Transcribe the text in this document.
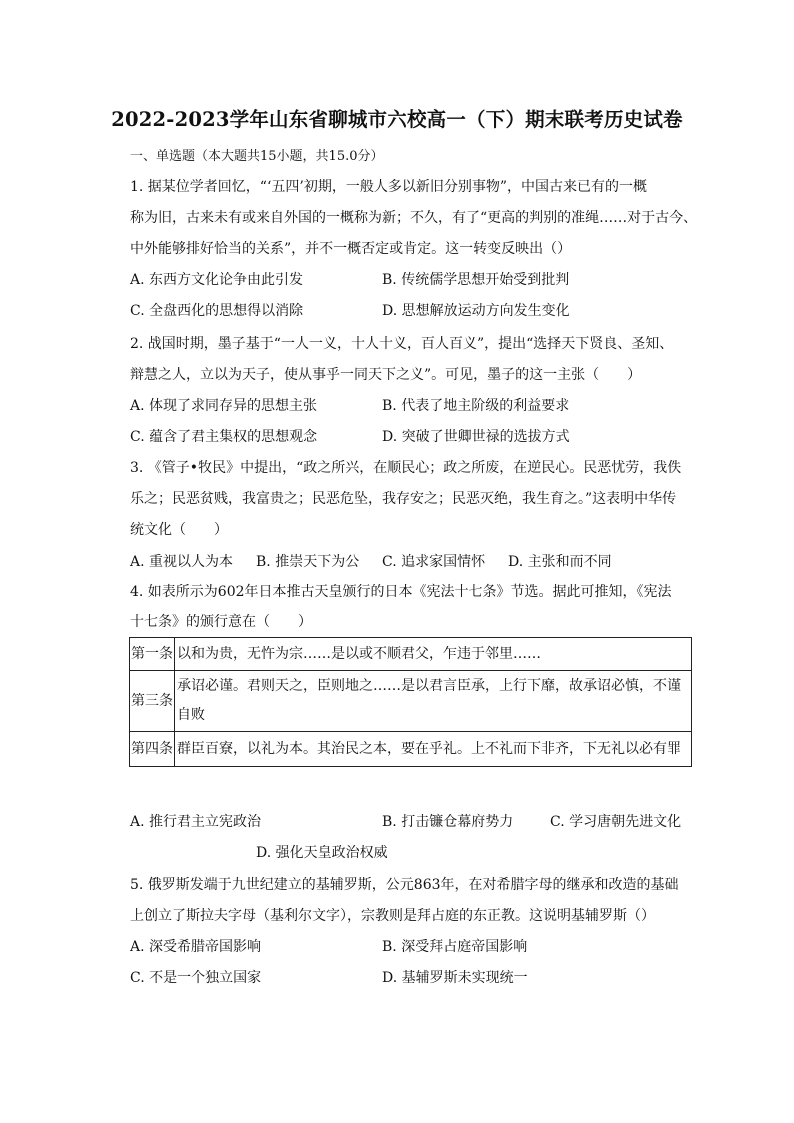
2022-2023学年山东省聊城市六校高一（下）期末联考历史试卷
一、单选题（本大题共15小题，共15.0分）
1. 据某位学者回忆，“‘五四’初期，一般人多以新旧分别事物”，中国古来已有的一概
称为旧，古来未有或来自外国的一概称为新；不久，有了“更高的判别的准绳……对于古今、
中外能够排好恰当的关系”，并不一概否定或肯定。这一转变反映出（）
A. 东西方文化论争由此引发	B. 传统儒学思想开始受到批判
C. 全盘西化的思想得以消除	D. 思想解放运动方向发生变化
2. 战国时期，墨子基于“一人一义，十人十义，百人百义”，提出“选择天下贤良、圣知、
辩慧之人，立以为天子，使从事乎一同天下之义”。可见，墨子的这一主张（　　）
A. 体现了求同存异的思想主张	B. 代表了地主阶级的利益要求
C. 蕴含了君主集权的思想观念	D. 突破了世卿世禄的选拔方式
3. 《管子•牧民》中提出，“政之所兴，在顺民心；政之所废，在逆民心。民恶忧劳，我佚
乐之；民恶贫贱，我富贵之；民恶危坠，我存安之；民恶灭绝，我生育之。”这表明中华传
统文化（　　）
A. 重视以人为本 B. 推崇天下为公 C. 追求家国情怀 D. 主张和而不同
4. 如表所示为602年日本推古天皇颁行的日本《宪法十七条》节选。据此可推知，《宪法
十七条》的颁行意在（　　）
第一条	以和为贵，无忤为宗……是以或不顺君父，乍违于邻里……
第三条	承诏必谨。君则天之，臣则地之……是以君言臣承，上行下靡，故承诏必慎，不谨自败
第四条	群臣百寮，以礼为本。其治民之本，要在乎礼。上不礼而下非齐，下无礼以必有罪
A. 推行君主立宪政治	B. 打击镰仓幕府势力	C. 学习唐朝先进文化
D. 强化天皇政治权威
5. 俄罗斯发端于九世纪建立的基辅罗斯，公元863年，在对希腊字母的继承和改造的基础
上创立了斯拉夫字母（基利尔文字），宗教则是拜占庭的东正教。这说明基辅罗斯（）
A. 深受希腊帝国影响	B. 深受拜占庭帝国影响
C. 不是一个独立国家	D. 基辅罗斯未实现统一
